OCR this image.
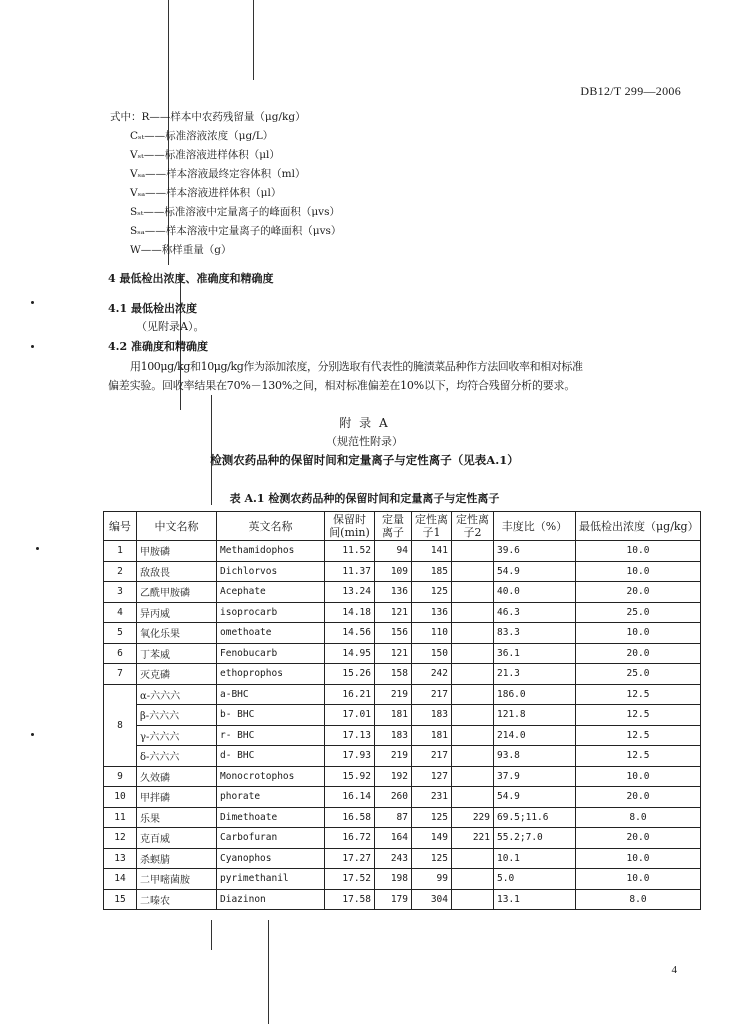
DB12/T 299—2006
式中：R——样本中农药残留量（μg/kg）
Cₛₜ——标准溶液浓度（μg/L）
Vₛₜ——标准溶液进样体积（μl）
Vₛₐ——样本溶液最终定容体积（ml）
Vₛₐ——样本溶液进样体积（μl）
Sₛₜ——标准溶液中定量离子的峰面积（μvs）
Sₛₐ——样本溶液中定量离子的峰面积（μvs）
W——称样重量（g）
4 最低检出浓度、准确度和精确度
4.1 最低检出浓度
（见附录A）。
4.2 准确度和精确度
用100μg/kg和10μg/kg作为添加浓度，分别选取有代表性的腌渍菜品种作方法回收率和相对标准
偏差实验。回收率结果在70%－130%之间，相对标准偏差在10%以下，均符合残留分析的要求。
附 录 A
（规范性附录）
检测农药品种的保留时间和定量离子与定性离子（见表A.1）
表 A.1 检测农药品种的保留时间和定量离子与定性离子
编号	中文名称	英文名称	保留时间(min)	定量离子	定性离子1	定性离子2	丰度比（%）	最低检出浓度（μg/kg）
1	甲胺磷	Methamidophos	11.52	94	141		39.6	10.0
2	敌敌畏	Dichlorvos	11.37	109	185		54.9	10.0
3	乙酰甲胺磷	Acephate	13.24	136	125		40.0	20.0
4	异丙威	isoprocarb	14.18	121	136		46.3	25.0
5	氧化乐果	omethoate	14.56	156	110		83.3	10.0
6	丁苯威	Fenobucarb	14.95	121	150		36.1	20.0
7	灭克磷	ethoprophos	15.26	158	242		21.3	25.0
8	α-六六六	a-BHC	16.21	219	217		186.0	12.5
	β-六六六	b- BHC	17.01	181	183		121.8	12.5
	γ-六六六	r- BHC	17.13	183	181		214.0	12.5
	δ-六六六	d- BHC	17.93	219	217		93.8	12.5
9	久效磷	Monocrotophos	15.92	192	127		37.9	10.0
10	甲拌磷	phorate	16.14	260	231		54.9	20.0
11	乐果	Dimethoate	16.58	87	125	229	69.5;11.6	8.0
12	克百威	Carbofuran	16.72	164	149	221	55.2;7.0	20.0
13	杀螟腈	Cyanophos	17.27	243	125		10.1	10.0
14	二甲嘧菌胺	pyrimethanil	17.52	198	99		5.0	10.0
15	二嗪农	Diazinon	17.58	179	304		13.1	8.0
4
